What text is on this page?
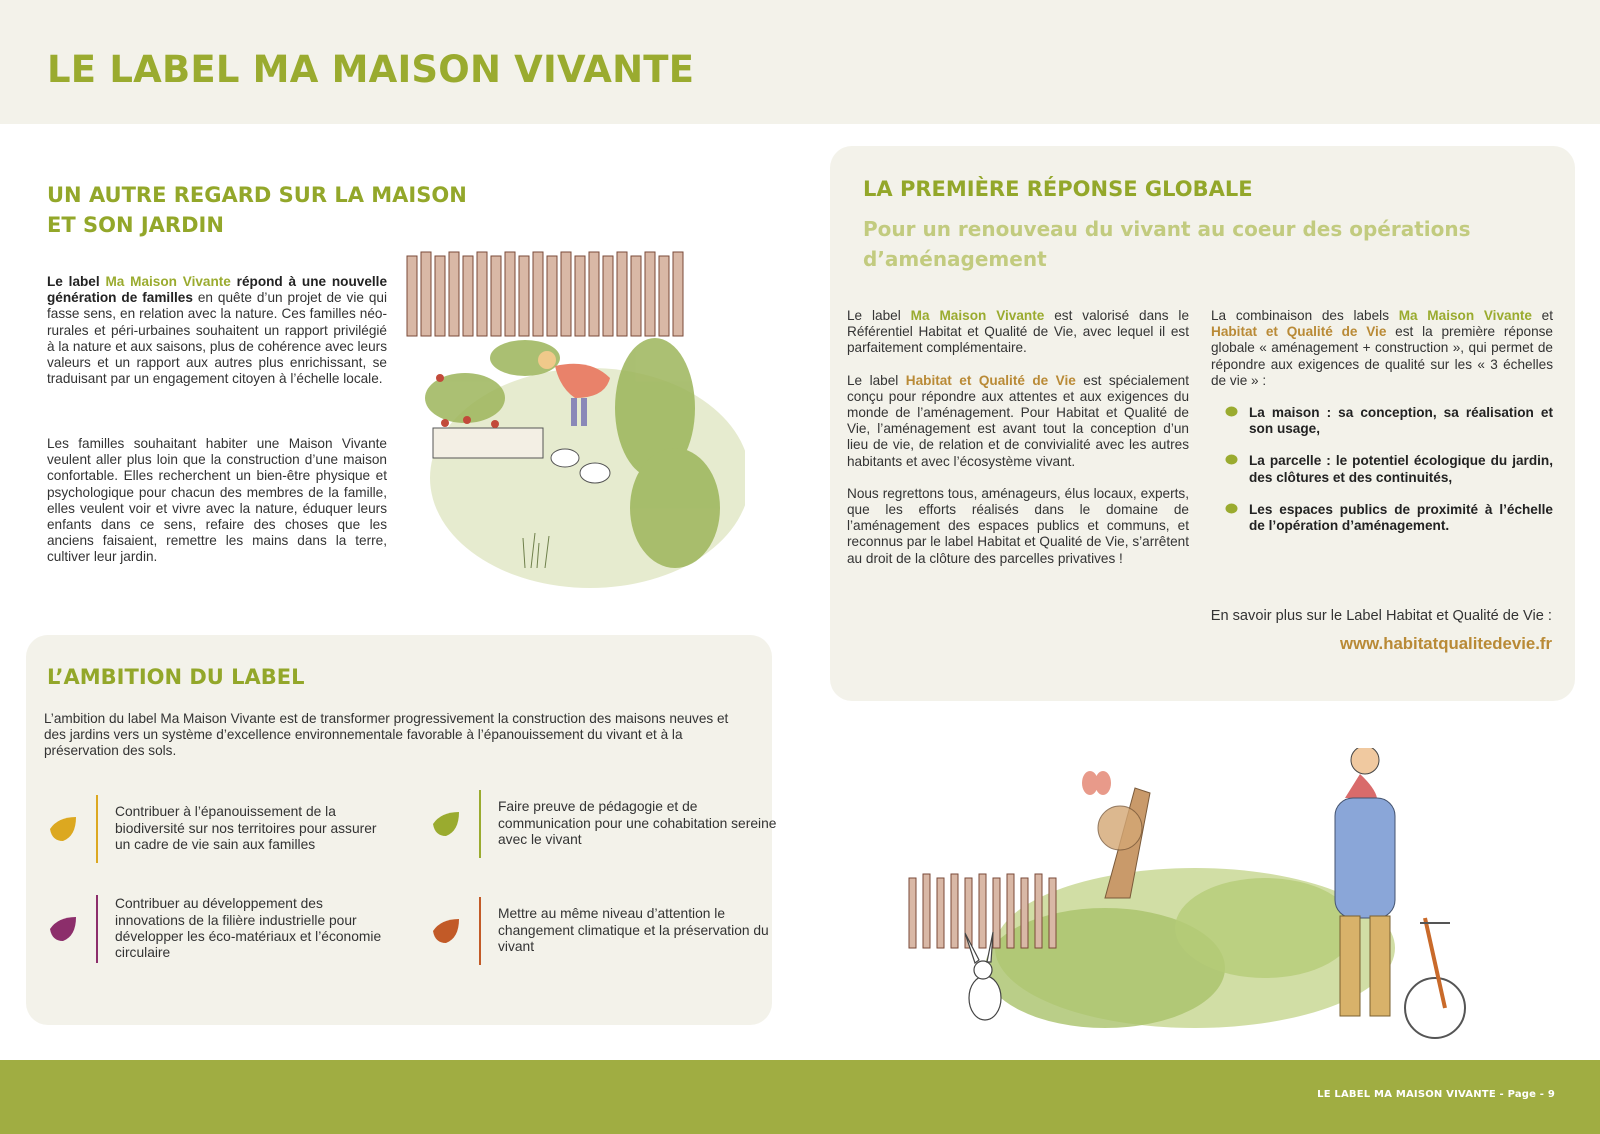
LE LABEL MA MAISON VIVANTE
UN AUTRE REGARD SUR LA MAISON
ET SON JARDIN

Le label Ma Maison Vivante répond à une nouvelle génération de familles en quête d’un projet de vie qui fasse sens, en relation avec la nature. Ces familles néo-rurales et péri-urbaines souhaitent un rapport privilégié à la nature et aux saisons, plus de cohérence avec leurs valeurs et un rapport aux autres plus enrichissant, se traduisant par un engagement citoyen à l’échelle locale.

Les familles souhaitant habiter une Maison Vivante veulent aller plus loin que la construction d’une maison confortable. Elles recherchent un bien-être physique et psychologique pour chacun des membres de la famille, elles veulent voir et vivre avec la nature, éduquer leurs enfants dans ce sens, refaire des choses que les anciens faisaient, remettre les mains dans la terre, cultiver leur jardin.

L’AMBITION DU LABEL

L’ambition du label Ma Maison Vivante est de transformer progressivement la construction des maisons neuves et des jardins vers un système d’excellence environnementale favorable à l’épanouissement du vivant et à la préservation des sols.

Contribuer à l’épanouissement de la biodiversité sur nos territoires pour assurer un cadre de vie sain aux familles
Faire preuve de pédagogie et de communication pour une cohabitation sereine avec le vivant
Contribuer au développement des innovations de la filière industrielle pour développer les éco-matériaux et l’économie circulaire
Mettre au même niveau d’attention le changement climatique et la préservation du vivant
LA PREMIÈRE RÉPONSE GLOBALE
Pour un renouveau du vivant au coeur des opérations d’aménagement

Le label Ma Maison Vivante est valorisé dans le Référentiel Habitat et Qualité de Vie, avec lequel il est parfaitement complémentaire.

Le label Habitat et Qualité de Vie est spécialement conçu pour répondre aux attentes et aux exigences du monde de l’aménagement. Pour Habitat et Qualité de Vie, l’aménagement est avant tout la conception d’un lieu de vie, de relation et de convivialité avec les autres habitants et avec l’écosystème vivant.

Nous regrettons tous, aménageurs, élus locaux, experts, que les efforts réalisés dans le domaine de l’aménagement des espaces publics et communs, et reconnus par le label Habitat et Qualité de Vie, s’arrêtent au droit de la clôture des parcelles privatives !

La combinaison des labels Ma Maison Vivante et Habitat et Qualité de Vie est la première réponse globale « aménagement + construction », qui permet de répondre aux exigences de qualité sur les « 3 échelles de vie » :

La maison : sa conception, sa réalisation et son usage,
La parcelle : le potentiel écologique du jardin, des clôtures et des continuités,
Les espaces publics de proximité à l’échelle de l’opération d’aménagement.
En savoir plus sur le Label Habitat et Qualité de Vie :
www.habitatqualitedevie.fr
LE LABEL MA MAISON VIVANTE - Page - 9
